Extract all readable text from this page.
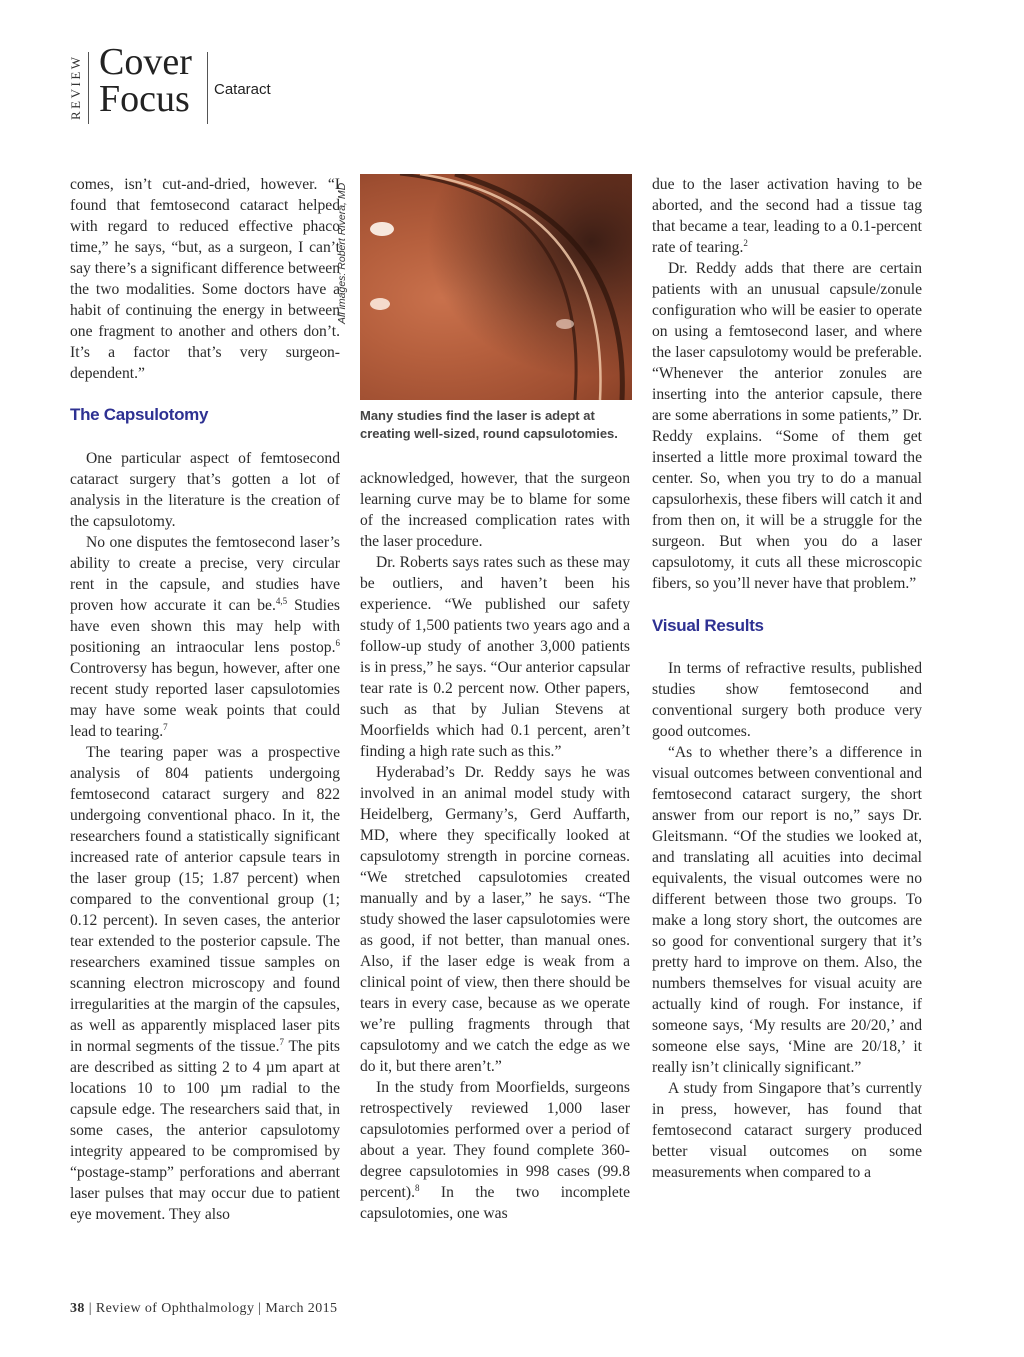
REVIEW Cover
Focus Cataract

comes, isn’t cut-and-dried, however. “I found that femtosecond cataract helped with regard to reduced effective phaco time,” he says, “but, as a surgeon, I can’t say there’s a significant difference between the two modalities. Some doctors have a habit of continuing the energy in between one fragment to another and others don’t. It’s a factor that’s very surgeon-dependent.”

The Capsulotomy

One particular aspect of femtosecond cataract surgery that’s gotten a lot of analysis in the literature is the creation of the capsulotomy.

No one disputes the femtosecond laser’s ability to create a precise, very circular rent in the capsule, and studies have proven how accurate it can be.$^{4,5}$ Studies have even shown this may help with positioning an intraocular lens postop.$^6$ Controversy has begun, however, after one recent study reported laser capsulotomies may have some weak points that could lead to tearing.$^7$

The tearing paper was a prospective analysis of 804 patients undergoing femtosecond cataract surgery and 822 undergoing conventional phaco. In it, the researchers found a statistically significant increased rate of anterior capsule tears in the laser group (15; 1.87 percent) when compared to the conventional group (1; 0.12 percent). In seven cases, the anterior tear extended to the posterior capsule. The researchers examined tissue samples on scanning electron microscopy and found irregularities at the margin of the capsules, as well as apparently misplaced laser pits in normal segments of the tissue.$^7$ The pits are described as sitting 2 to 4 µm apart at locations 10 to 100 µm radial to the capsule edge. The researchers said that, in some cases, the anterior capsulotomy integrity appeared to be compromised by “postage-stamp” perforations and aberrant laser pulses that may occur due to patient eye movement. They also

All images: Robert Rivera, MD
Many studies find the laser is adept at creating well-sized, round capsulotomies.

acknowledged, however, that the surgeon learning curve may be to blame for some of the increased complication rates with the laser procedure.

Dr. Roberts says rates such as these may be outliers, and haven’t been his experience. “We published our safety study of 1,500 patients two years ago and a follow-up study of another 3,000 patients is in press,” he says. “Our anterior capsular tear rate is 0.2 percent now. Other papers, such as that by Julian Stevens at Moorfields which had 0.1 percent, aren’t finding a high rate such as this.”

Hyderabad’s Dr. Reddy says he was involved in an animal model study with Heidelberg, Germany’s, Gerd Auffarth, MD, where they specifically looked at capsulotomy strength in porcine corneas. “We stretched capsulotomies created manually and by a laser,” he says. “The study showed the laser capsulotomies were as good, if not better, than manual ones. Also, if the laser edge is weak from a clinical point of view, then there should be tears in every case, because as we operate we’re pulling fragments through that capsulotomy and we catch the edge as we do it, but there aren’t.”

In the study from Moorfields, surgeons retrospectively reviewed 1,000 laser capsulotomies performed over a period of about a year. They found complete 360-degree capsulotomies in 998 cases (99.8 percent).$^8$ In the two incomplete capsulotomies, one was

due to the laser activation having to be aborted, and the second had a tissue tag that became a tear, leading to a 0.1-percent rate of tearing.$^2$

Dr. Reddy adds that there are certain patients with an unusual capsule/zonule configuration who will be easier to operate on using a femtosecond laser, and where the laser capsulotomy would be preferable. “Whenever the anterior zonules are inserting into the anterior capsule, there are some aberrations in some patients,” Dr. Reddy explains. “Some of them get inserted a little more proximal toward the center. So, when you try to do a manual capsulorhexis, these fibers will catch it and from then on, it will be a struggle for the surgeon. But when you do a laser capsulotomy, it cuts all these microscopic fibers, so you’ll never have that problem.”

Visual Results

In terms of refractive results, published studies show femtosecond and conventional surgery both produce very good outcomes.

“As to whether there’s a difference in visual outcomes between conventional and femtosecond cataract surgery, the short answer from our report is no,” says Dr. Gleitsmann. “Of the studies we looked at, and translating all acuities into decimal equivalents, the visual outcomes were no different between those two groups. To make a long story short, the outcomes are so good for conventional surgery that it’s pretty hard to improve on them. Also, the numbers themselves for visual acuity are actually kind of rough. For instance, if someone says, ‘My results are 20/20,’ and someone else says, ‘Mine are 20/18,’ it really isn’t clinically significant.”

A study from Singapore that’s currently in press, however, has found that femtosecond cataract surgery produced better visual outcomes on some measurements when compared to a

38 | Review of Ophthalmology | March 2015
